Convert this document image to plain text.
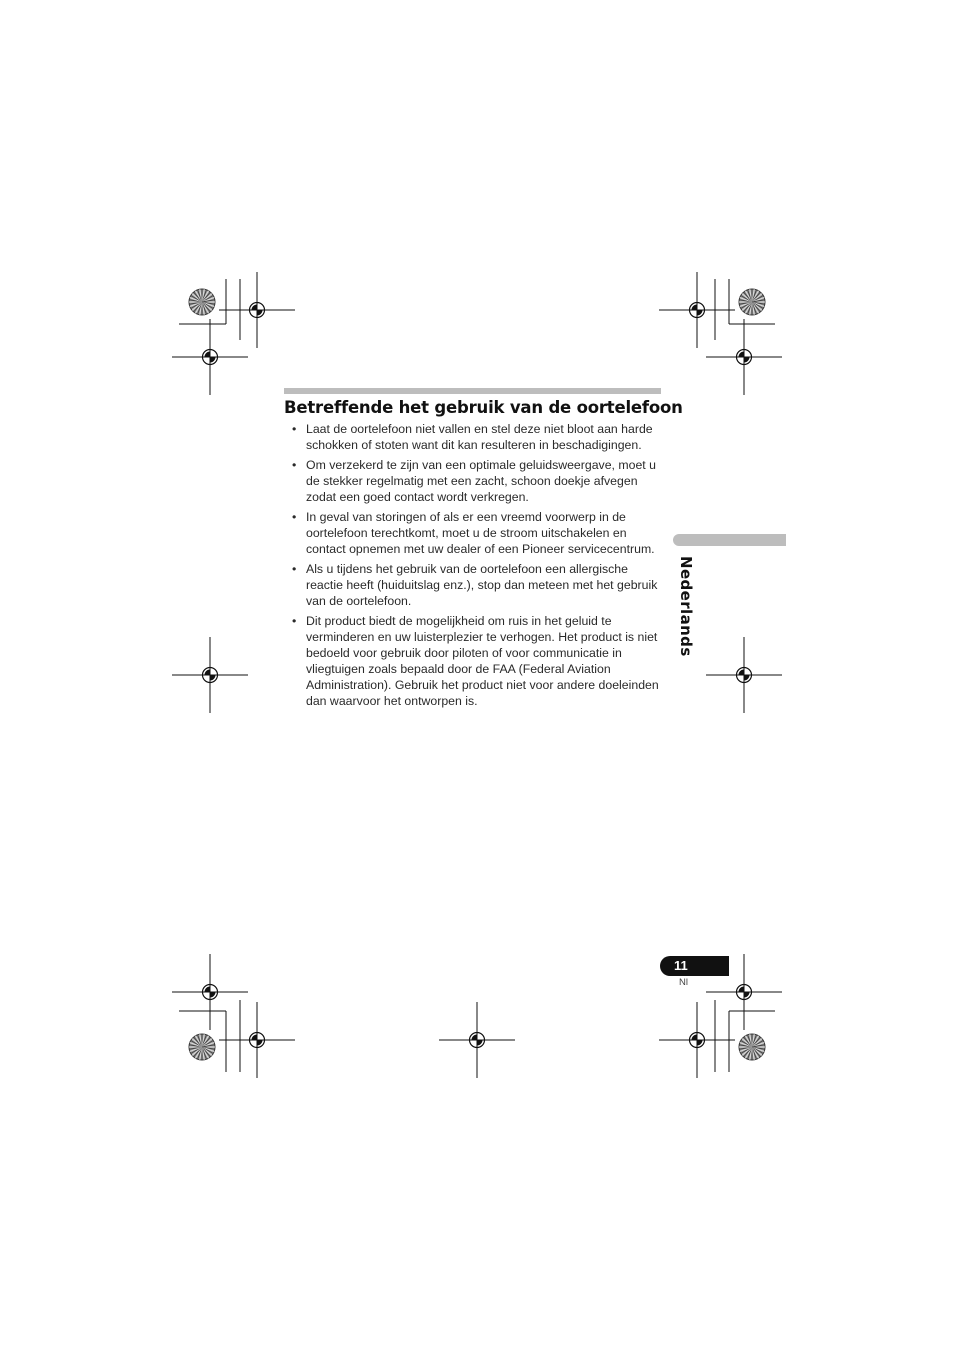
Betreffende het gebruik van de oortelefoon
• Laat de oortelefoon niet vallen en stel deze niet bloot aan harde schokken of stoten want dit kan resulteren in beschadigingen.
• Om verzekerd te zijn van een optimale geluidsweergave, moet u de stekker regelmatig met een zacht, schoon doekje afvegen zodat een goed contact wordt verkregen.
• In geval van storingen of als er een vreemd voorwerp in de oortelefoon terechtkomt, moet u de stroom uitschakelen en contact opnemen met uw dealer of een Pioneer servicecentrum.
• Als u tijdens het gebruik van de oortelefoon een allergische reactie heeft (huiduitslag enz.), stop dan meteen met het gebruik van de oortelefoon.
• Dit product biedt de mogelijkheid om ruis in het geluid te verminderen en uw luisterplezier te verhogen. Het product is niet bedoeld voor gebruik door piloten of voor communicatie in vliegtuigen zoals bepaald door de FAA (Federal Aviation Administration). Gebruik het product niet voor andere doeleinden dan waarvoor het ontworpen is.
Nederlands
11
Nl
